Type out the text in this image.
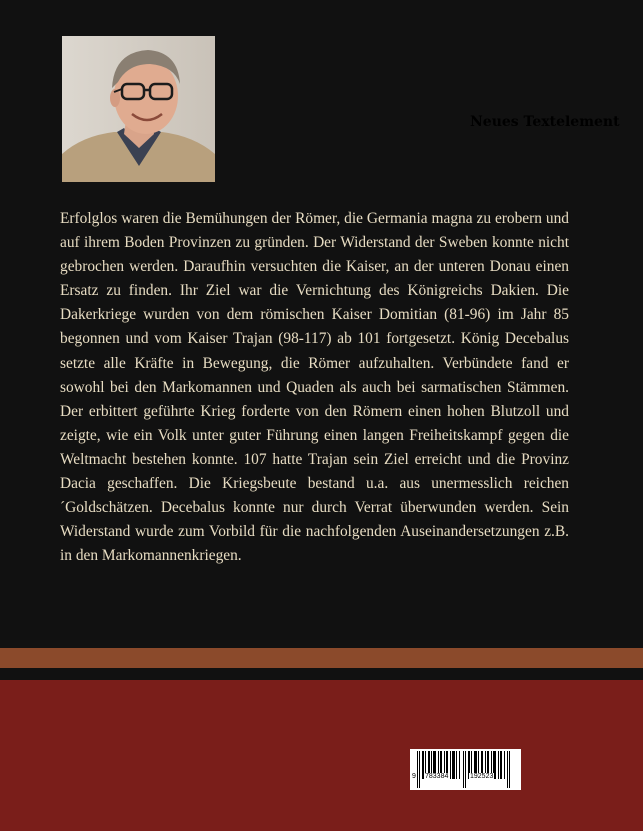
Neues Textelement

Erfolglos waren die Bemühungen der Römer, die Germania magna zu erobern und auf ihrem Boden Provinzen zu gründen. Der Widerstand der Sweben konnte nicht gebrochen werden. Daraufhin versuchten die Kaiser, an der unteren Donau einen Ersatz zu finden. Ihr Ziel war die Vernichtung des Königreichs Dakien. Die Dakerkriege wurden von dem römischen Kaiser Domitian (81-96) im Jahr 85 begonnen und vom Kaiser Trajan (98-117) ab 101 fortgesetzt. König Decebalus setzte alle Kräfte in Bewegung, die Römer aufzuhalten. Verbündete fand er sowohl bei den Markomannen und Quaden als auch bei sarmatischen Stämmen. Der erbittert geführte Krieg forderte von den Römern einen hohen Blutzoll und zeigte, wie ein Volk unter guter Führung einen langen Freiheitskampf gegen die Weltmacht bestehen konnte. 107 hatte Trajan sein Ziel erreicht und die Provinz Dacia geschaffen. Die Kriegsbeute bestand u.a. aus unermesslich reichen ´Goldschätzen. Decebalus konnte nur durch Verrat überwunden werden. Sein Widerstand wurde zum Vorbild für die nachfolgenden Auseinandersetzungen z.B. in den Markomannenkriegen.

9 783384	192523
